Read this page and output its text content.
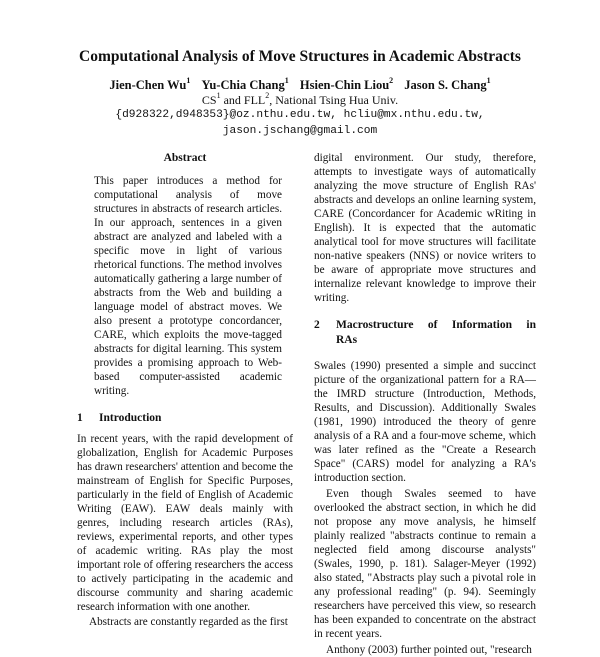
Computational Analysis of Move Structures in Academic Abstracts
Jien-Chen Wu$^1$ Yu-Chia Chang$^1$ Hsien-Chin Liou$^2$ Jason S. Chang$^1$
$CS^1$ and FLL$^2$, National Tsing Hua Univ.
{d928322,d948353}@oz.nthu.edu.tw, hcliu@mx.nthu.edu.tw,
jason.jschang@gmail.com
Abstract

This paper introduces a method for computational analysis of move structures in abstracts of research articles. In our approach, sentences in a given abstract are analyzed and labeled with a specific move in light of various rhetorical functions. The method involves automatically gathering a large number of abstracts from the Web and building a language model of abstract moves. We also present a prototype concordancer, CARE, which exploits the move-tagged abstracts for digital learning. This system provides a promising approach to Web-based computer-assisted academic writing.

1	Introduction

In recent years, with the rapid development of globalization, English for Academic Purposes has drawn researchers' attention and become the mainstream of English for Specific Purposes, particularly in the field of English of Academic Writing (EAW). EAW deals mainly with genres, including research articles (RAs), reviews, experimental reports, and other types of academic writing. RAs play the most important role of offering researchers the access to actively participating in the academic and discourse community and sharing academic research information with one another.

Abstracts are constantly regarded as the first

digital environment. Our study, therefore, attempts to investigate ways of automatically analyzing the move structure of English RAs' abstracts and develops an online learning system, CARE (Concordancer for Academic wRiting in English). It is expected that the automatic analytical tool for move structures will facilitate non-native speakers (NNS) or novice writers to be aware of appropriate move structures and internalize relevant knowledge to improve their writing.

2	Macrostructure of Information in
RAs

Swales (1990) presented a simple and succinct picture of the organizational pattern for a RA— the IMRD structure (Introduction, Methods, Results, and Discussion). Additionally Swales (1981, 1990) introduced the theory of genre analysis of a RA and a four-move scheme, which was later refined as the "Create a Research Space" (CARS) model for analyzing a RA's introduction section.

Even though Swales seemed to have overlooked the abstract section, in which he did not propose any move analysis, he himself plainly realized "abstracts continue to remain a neglected field among discourse analysts" (Swales, 1990, p. 181). Salager-Meyer (1992) also stated, "Abstracts play such a pivotal role in any professional reading" (p. 94). Seemingly researchers have perceived this view, so research has been expanded to concentrate on the abstract in recent years.

Anthony (2003) further pointed out, "research
